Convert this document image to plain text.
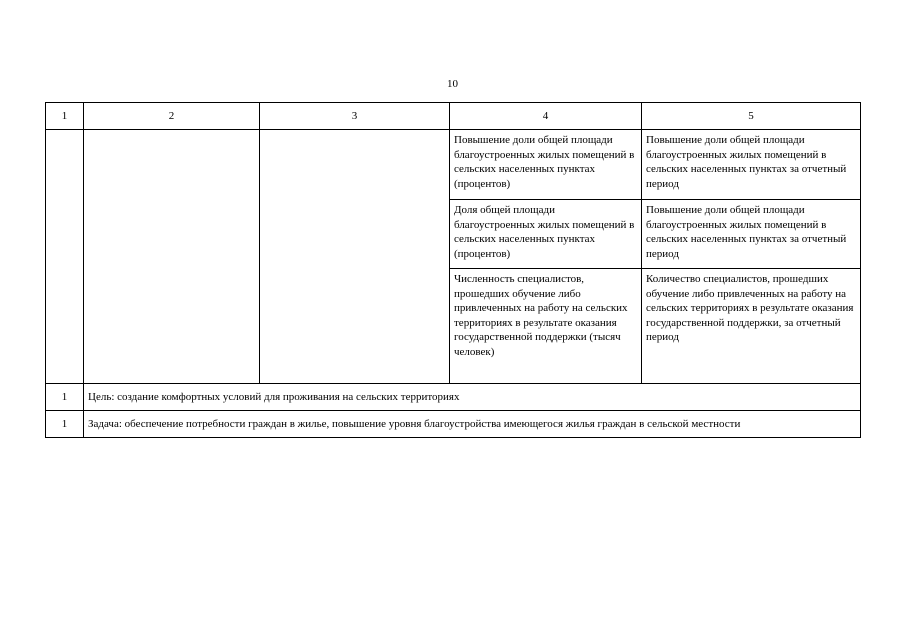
10
1	2	3	4	5
			Повышение доли общей площади благоустроенных жилых помещений в сельских населенных пунктах (процентов)	Повышение доли общей площади благоустроенных жилых помещений в сельских населенных пунктах за отчетный период
			Доля общей площади благоустроенных жилых помещений в сельских населенных пунктах (процентов)	Повышение доли общей площади благоустроенных жилых помещений в сельских населенных пунктах за отчетный период
			Численность специалистов, прошедших обучение либо привлеченных на работу на сельских территориях в результате оказания государственной поддержки (тысяч человек)	Количество специалистов, прошедших обучение либо привлеченных на работу на сельских территориях в результате оказания государственной поддержки, за отчетный период
1	Цель: создание комфортных условий для проживания на сельских территориях			
1	Задача: обеспечение потребности граждан в жилье, повышение уровня благоустройства имеющегося жилья граждан в сельской местности			
